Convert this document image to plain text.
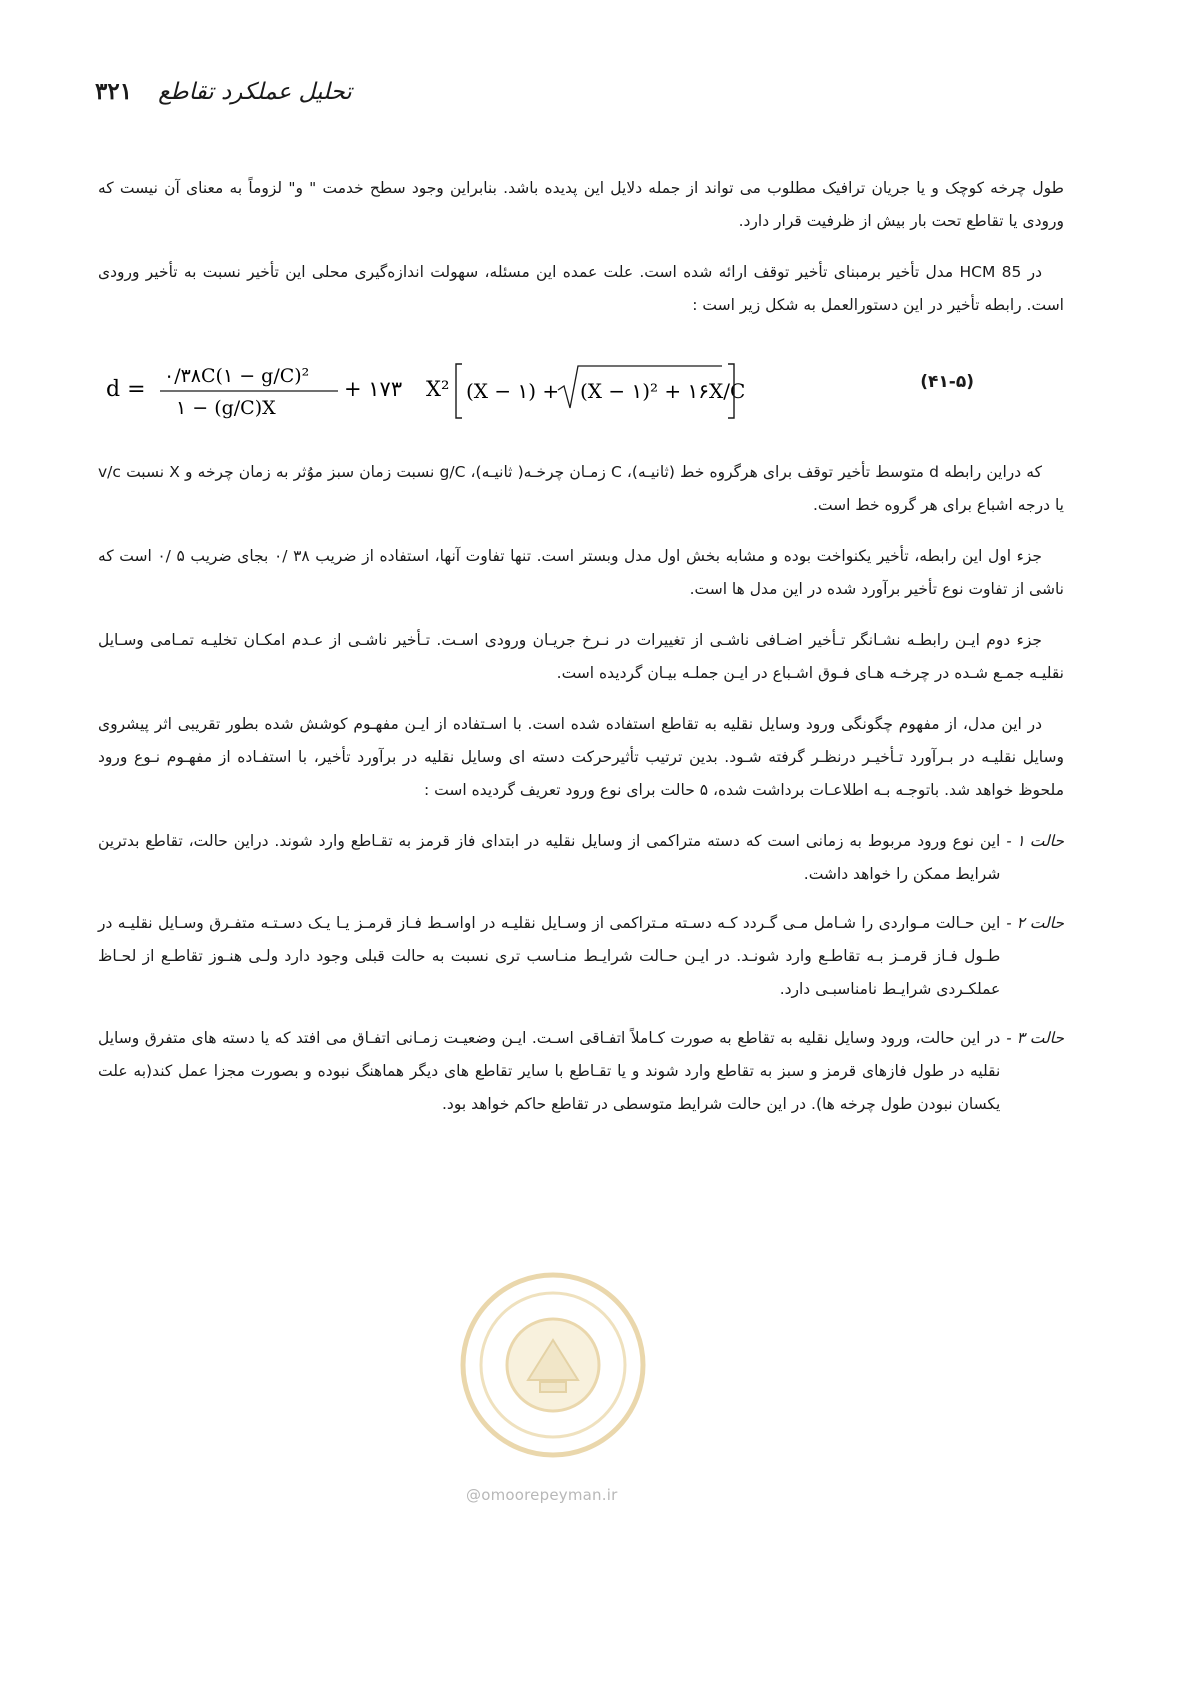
۳۲۱ تحلیل عملکرد تقاطع

طول چرخه کوچک و یا جریان ترافیک مطلوب می تواند از جمله دلایل این پدیده باشد. بنابراین وجود سطح خدمت " و" لزوماً به معنای آن نیست که ورودی یا تقاطع تحت بار بیش از ظرفیت قرار دارد.

در HCM 85 مدل تأخیر برمبنای تأخیر توقف ارائه شده است. علت عمده این مسئله، سهولت اندازه‌گیری محلی این تأخیر نسبت به تأخیر ورودی است. رابطه تأخیر در این دستورالعمل به شکل زیر است :

d =
۰/۳۸C(۱ − g/C)²
۱ − (g/C)X
+ ۱۷۳ X² (X − ۱) + (X − ۱)² + ۱۶X/C	(۴۱-۵)

که دراین رابطه d متوسط تأخیر توقف برای هرگروه خط (ثانیـه)، C زمـان چرخـه( ثانیـه)، g/C نسبت زمان سبز موُثر به زمان چرخه و X نسبت v/c یا درجه اشباع برای هر گروه خط است.

جزء اول این رابطه، تأخیر یکنواخت بوده و مشابه بخش اول مدل وبستر است. تنها تفاوت آنها، استفاده از ضریب ۳۸ /۰ بجای ضریب ۵ /۰ است که ناشی از تفاوت نوع تأخیر برآورد شده در این مدل ها است.

جزء دوم ایـن رابطـه نشـانگر تـأخیر اضـافی ناشـی از تغییرات در نـرخ جریـان ورودی اسـت. تـأخیر ناشـی از عـدم امکـان تخلیـه تمـامی وسـایل نقلیـه جمـع شـده در چرخـه هـای فـوق اشـباع در ایـن جملـه بیـان گردیده است.

در این مدل، از مفهوم چگونگی ورود وسایل نقلیه به تقاطع استفاده شده است. با اسـتفاده از ایـن مفهـوم کوشش شده بطور تقریبی اثر پیشروی وسایل نقلیـه در بـرآورد تـأخیـر درنظـر گرفته شـود. بدین ترتیب تأثیرحرکت دسته ای وسایل نقلیه در برآورد تأخیر، با استفـاده از مفهـوم نـوع ورود ملحوظ خواهد شد. باتوجـه بـه اطلاعـات برداشت شده، ۵ حالت برای نوع ورود تعریف گردیده است :

حالت ۱ -
این نوع ورود مربوط به زمانی است که دسته متراکمی از وسایل نقلیه در ابتدای فاز قرمز به تقـاطع وارد شوند. دراین حالت، تقاطع بدترین شرایط ممکن را خواهد داشت.
حالت ۲ -
این حـالت مـواردی را شـامل مـی گـردد کـه دسـته مـتراکمی از وسـایل نقلیـه در اواسـط فـاز قرمـز یـا یـک دسـتـه متفـرق وسـایل نقلیـه در طـول فـاز قرمـز بـه تقاطـع وارد شونـد. در ایـن حـالت شرایـط منـاسب تری نسبت به حالت قبلی وجود دارد ولـی هنـوز تقاطـع از لحـاظ عملکـردی شرایـط نامناسبـی دارد.
حالت ۳ -
در این حالت، ورود وسایل نقلیه به تقاطع به صورت کـاملاً اتفـاقی اسـت. ایـن وضعیـت زمـانی اتفـاق می افتد که یا دسته های متفرق وسایل نقلیه در طول فازهای قرمز و سبز به تقاطع وارد شوند و یا تقـاطع با سایر تقاطع های دیگر هماهنگ نبوده و بصورت مجزا عمل کند(به علت یکسان نبودن طول چرخه ها). در این حالت شرایط متوسطی در تقاطع حاکم خواهد بود.
@omoorepeyman.ir
